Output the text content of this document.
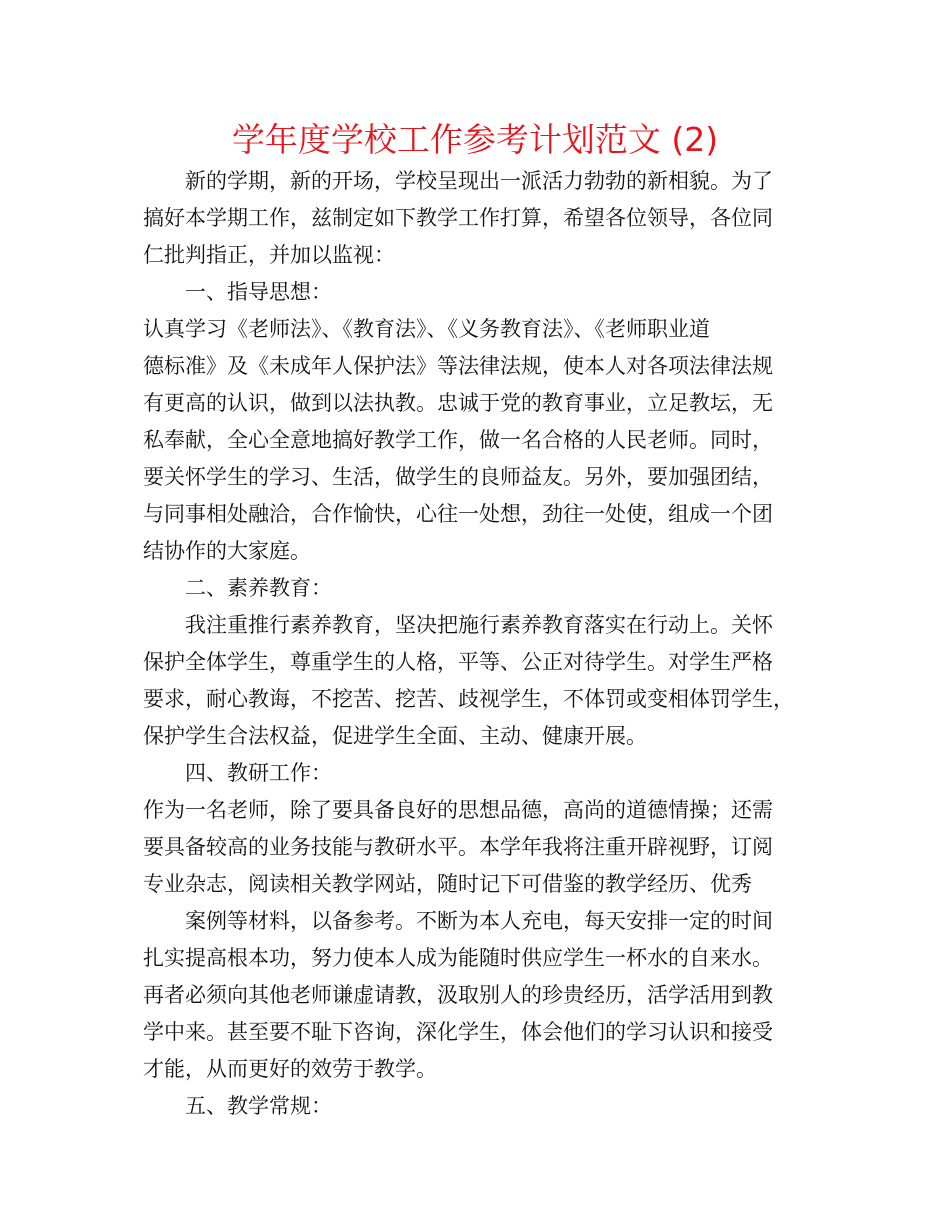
学年度学校工作参考计划范文 (2)
新的学期，新的开场，学校呈现出一派活力勃勃的新相貌。为了
搞好本学期工作，兹制定如下教学工作打算，希望各位领导，各位同
仁批判指正，并加以监视：
一、指导思想：
认真学习《老师法》、《教育法》、《义务教育法》、《老师职业道
德标准》及《未成年人保护法》等法律法规，使本人对各项法律法规
有更高的认识，做到以法执教。忠诚于党的教育事业，立足教坛，无
私奉献，全心全意地搞好教学工作，做一名合格的人民老师。同时，
要关怀学生的学习、生活，做学生的良师益友。另外，要加强团结，
与同事相处融洽，合作愉快，心往一处想，劲往一处使，组成一个团
结协作的大家庭。
二、素养教育：
我注重推行素养教育，坚决把施行素养教育落实在行动上。关怀
保护全体学生，尊重学生的人格，平等、公正对待学生。对学生严格
要求，耐心教诲，不挖苦、挖苦、歧视学生，不体罚或变相体罚学生，
保护学生合法权益，促进学生全面、主动、健康开展。
四、教研工作：
作为一名老师，除了要具备良好的思想品德，高尚的道德情操；还需
要具备较高的业务技能与教研水平。本学年我将注重开辟视野，订阅
专业杂志，阅读相关教学网站，随时记下可借鉴的教学经历、优秀
案例等材料，以备参考。不断为本人充电，每天安排一定的时间
扎实提高根本功，努力使本人成为能随时供应学生一杯水的自来水。
再者必须向其他老师谦虚请教，汲取别人的珍贵经历，活学活用到教
学中来。甚至要不耻下咨询，深化学生，体会他们的学习认识和接受
才能，从而更好的效劳于教学。
五、教学常规：
